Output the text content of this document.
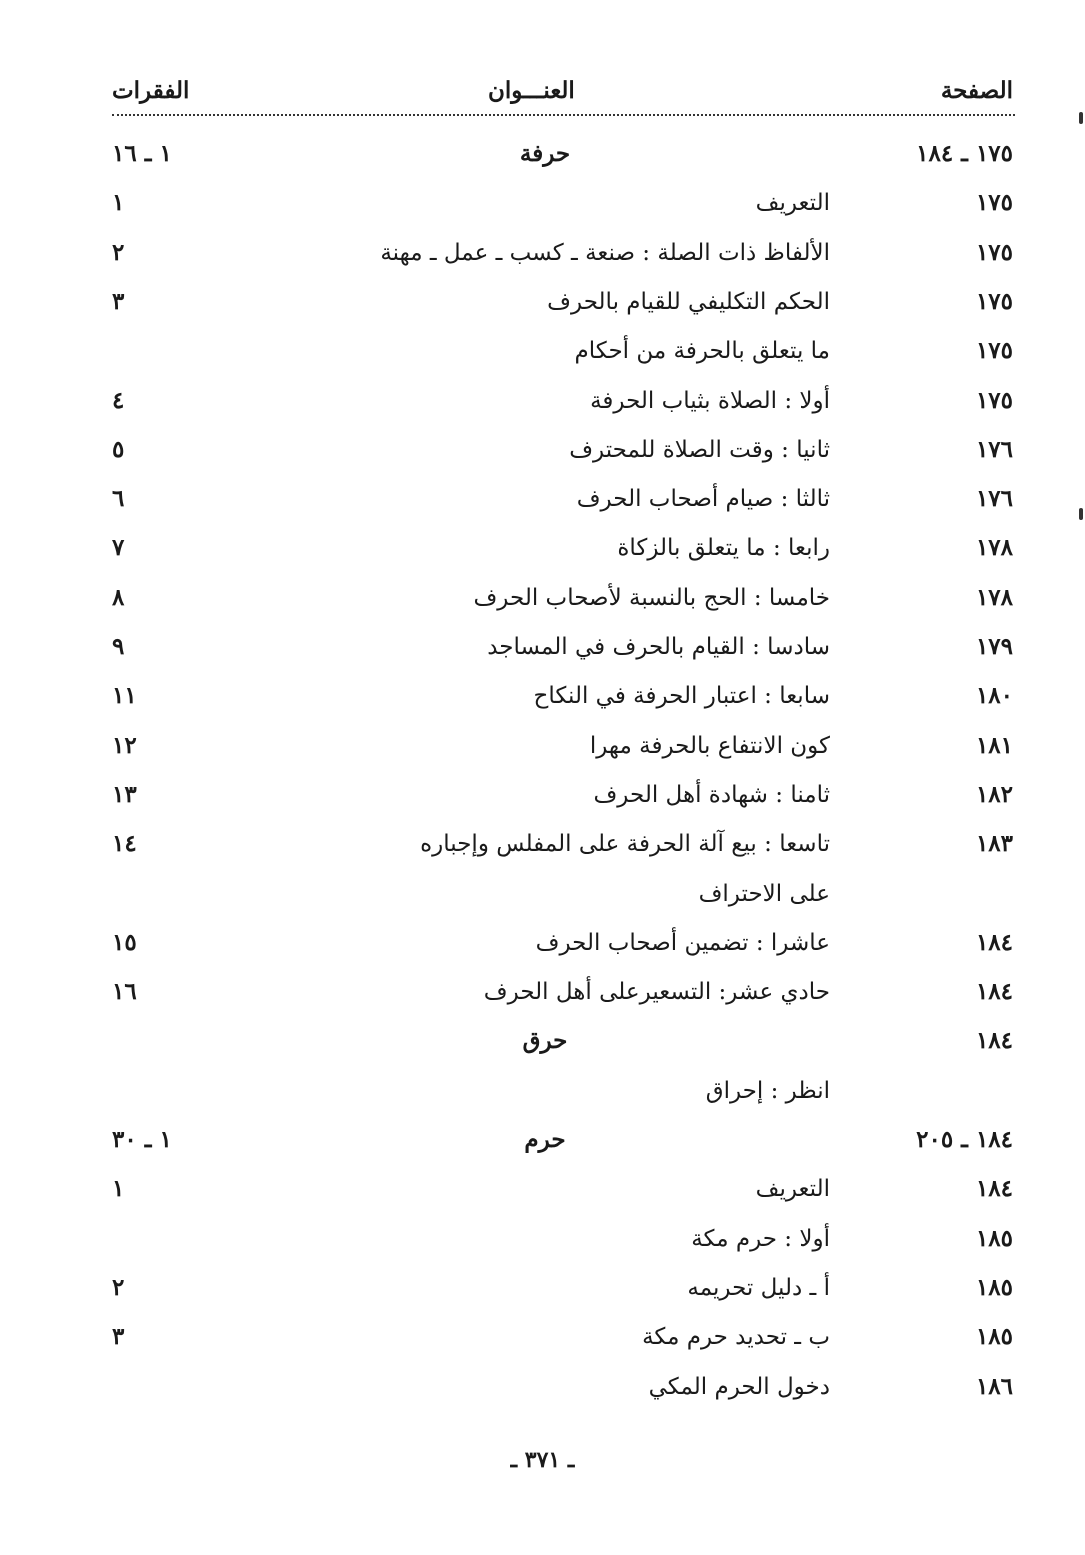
الصفحة
العنـــوان
الفقرات
١٧٥ ـ ١٨٤
حرفة
١ ـ ١٦
١٧٥
التعريف
١
١٧٥
الألفاظ ذات الصلة : صنعة ـ كسب ـ عمل ـ مهنة
٢
١٧٥
الحكم التكليفي للقيام بالحرف
٣
١٧٥
ما يتعلق بالحرفة من أحكام
١٧٥
أولا : الصلاة بثياب الحرفة
٤
١٧٦
ثانيا : وقت الصلاة للمحترف
٥
١٧٦
ثالثا : صيام أصحاب الحرف
٦
١٧٨
رابعا : ما يتعلق بالزكاة
٧
١٧٨
خامسا : الحج بالنسبة لأصحاب الحرف
٨
١٧٩
سادسا : القيام بالحرف في المساجد
٩
١٨٠
سابعا : اعتبار الحرفة في النكاح
١١
١٨١
كون الانتفاع بالحرفة مهرا
١٢
١٨٢
ثامنا : شهادة أهل الحرف
١٣
١٨٣
تاسعا : بيع آلة الحرفة على المفلس وإجباره
١٤
على الاحتراف
١٨٤
عاشرا : تضمين أصحاب الحرف
١٥
١٨٤
حادي عشر: التسعيرعلى أهل الحرف
١٦
١٨٤
حرق
انظر : إحراق
١٨٤ ـ ٢٠٥
حرم
١ ـ ٣٠
١٨٤
التعريف
١
١٨٥
أولا : حرم مكة
١٨٥
أ ـ دليل تحريمه
٢
١٨٥
ب ـ تحديد حرم مكة
٣
١٨٦
دخول الحرم المكي
ـ ٣٧١ ـ
